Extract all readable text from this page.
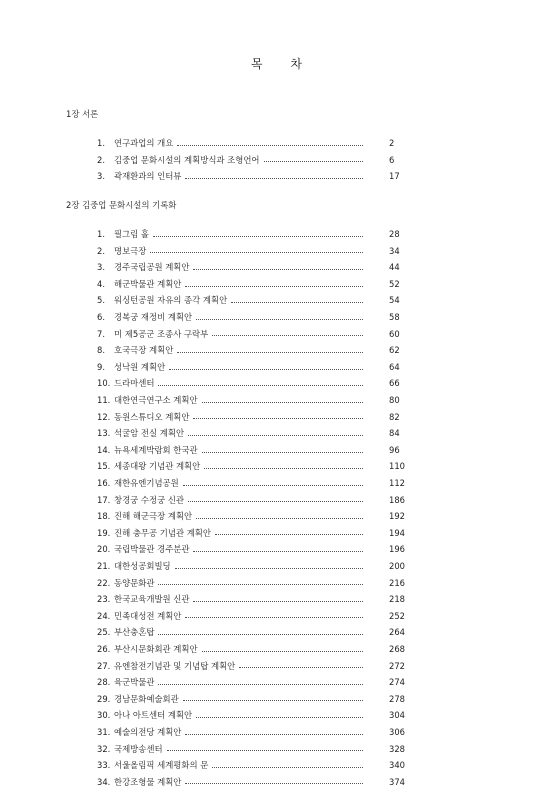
목 차
1장 서론
1.	연구과업의 개요	2
2.	김중업 문화시설의 계획방식과 조형언어	6
3.	곽재환과의 인터뷰	17
2장 김중업 문화시설의 기록화
1.	필그림 홀	28
2.	명보극장	34
3.	경주국립공원 계획안	44
4.	해군박물관 계획안	52
5.	워싱턴공원 자유의 종각 계획안	54
6.	경복궁 재정비 계획안	58
7.	미 제5공군 조종사 구락부	60
8.	호국극장 계획안	62
9.	성낙원 계획안	64
10. 드라마센터	66
11. 대한연극연구소 계획안	80
12. 동원스튜디오 계획안	82
13. 석굴암 전실 계획안	84
14. 뉴욕세계박람회 한국관	96
15. 세종대왕 기념관 계획안	110
16. 재한유엔기념공원	112
17. 창경궁 수정궁 신관	186
18. 진해 해군극장 계획안	192
19. 진해 충무공 기념관 계획안	194
20. 국립박물관 경주분관	196
21. 대한성공회빌딩	200
22. 동양문화관	216
23. 한국교육개발원 신관	218
24. 민족대성전 계획안	252
25. 부산충혼탑	264
26. 부산시문화회관 계획안	268
27. 유엔참전기념관 및 기념탑 계획안	272
28. 육군박물관	274
29. 경남문화예술회관	278
30. 아나 아트센터 계획안	304
31. 예술의전당 계획안	306
32. 국제방송센터	328
33. 서울올림픽 세계평화의 문	340
34. 한강조형물 계획안	374
